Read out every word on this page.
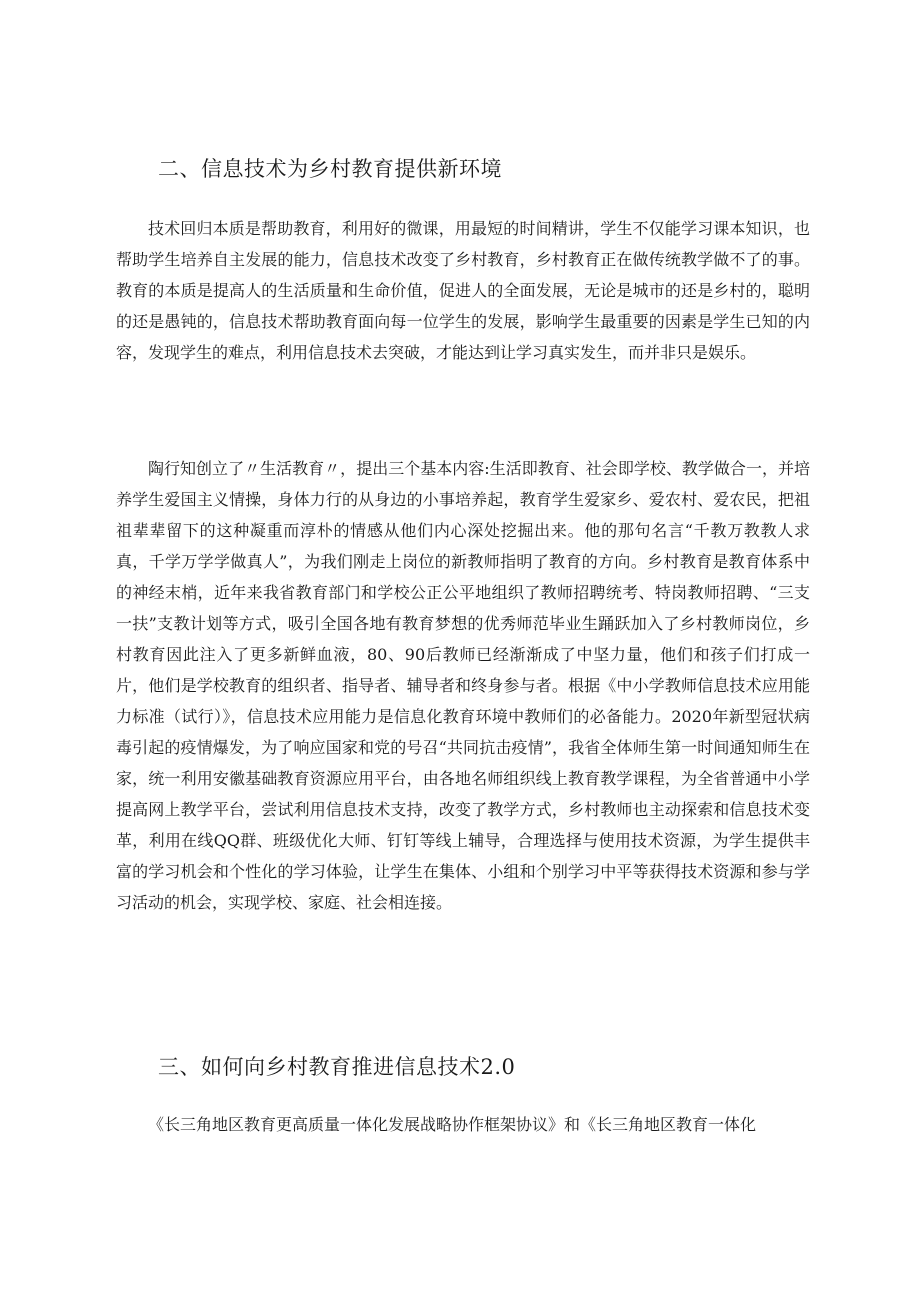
二、信息技术为乡村教育提供新环境

技术回归本质是帮助教育，利用好的微课，用最短的时间精讲，学生不仅能学习课本知识，也帮助学生培养自主发展的能力，信息技术改变了乡村教育，乡村教育正在做传统教学做不了的事。教育的本质是提高人的生活质量和生命价值，促进人的全面发展，无论是城市的还是乡村的，聪明的还是愚钝的，信息技术帮助教育面向每一位学生的发展，影响学生最重要的因素是学生已知的内容，发现学生的难点，利用信息技术去突破，才能达到让学习真实发生，而并非只是娱乐。

陶行知创立了〃生活教育〃，提出三个基本内容:生活即教育、社会即学校、教学做合一，并培养学生爱国主义情操，身体力行的从身边的小事培养起，教育学生爱家乡、爱农村、爱农民，把祖祖辈辈留下的这种凝重而淳朴的情感从他们内心深处挖掘出来。他的那句名言“千教万教教人求真，千学万学学做真人”，为我们刚走上岗位的新教师指明了教育的方向。乡村教育是教育体系中的神经末梢，近年来我省教育部门和学校公正公平地组织了教师招聘统考、特岗教师招聘、“三支一扶”支教计划等方式，吸引全国各地有教育梦想的优秀师范毕业生踊跃加入了乡村教师岗位，乡村教育因此注入了更多新鲜血液，80、90后教师已经渐渐成了中坚力量，他们和孩子们打成一片，他们是学校教育的组织者、指导者、辅导者和终身参与者。根据《中小学教师信息技术应用能力标准（试行）》，信息技术应用能力是信息化教育环境中教师们的必备能力。2020年新型冠状病毒引起的疫情爆发，为了响应国家和党的号召“共同抗击疫情”，我省全体师生第一时间通知师生在家，统一利用安徽基础教育资源应用平台，由各地名师组织线上教育教学课程，为全省普通中小学提高网上教学平台，尝试利用信息技术支持，改变了教学方式，乡村教师也主动探索和信息技术变革，利用在线QQ群、班级优化大师、钉钉等线上辅导，合理选择与使用技术资源，为学生提供丰富的学习机会和个性化的学习体验，让学生在集体、小组和个别学习中平等获得技术资源和参与学习活动的机会，实现学校、家庭、社会相连接。

三、如何向乡村教育推进信息技术2.0

《长三角地区教育更高质量一体化发展战略协作框架协议》和《长三角地区教育一体化
